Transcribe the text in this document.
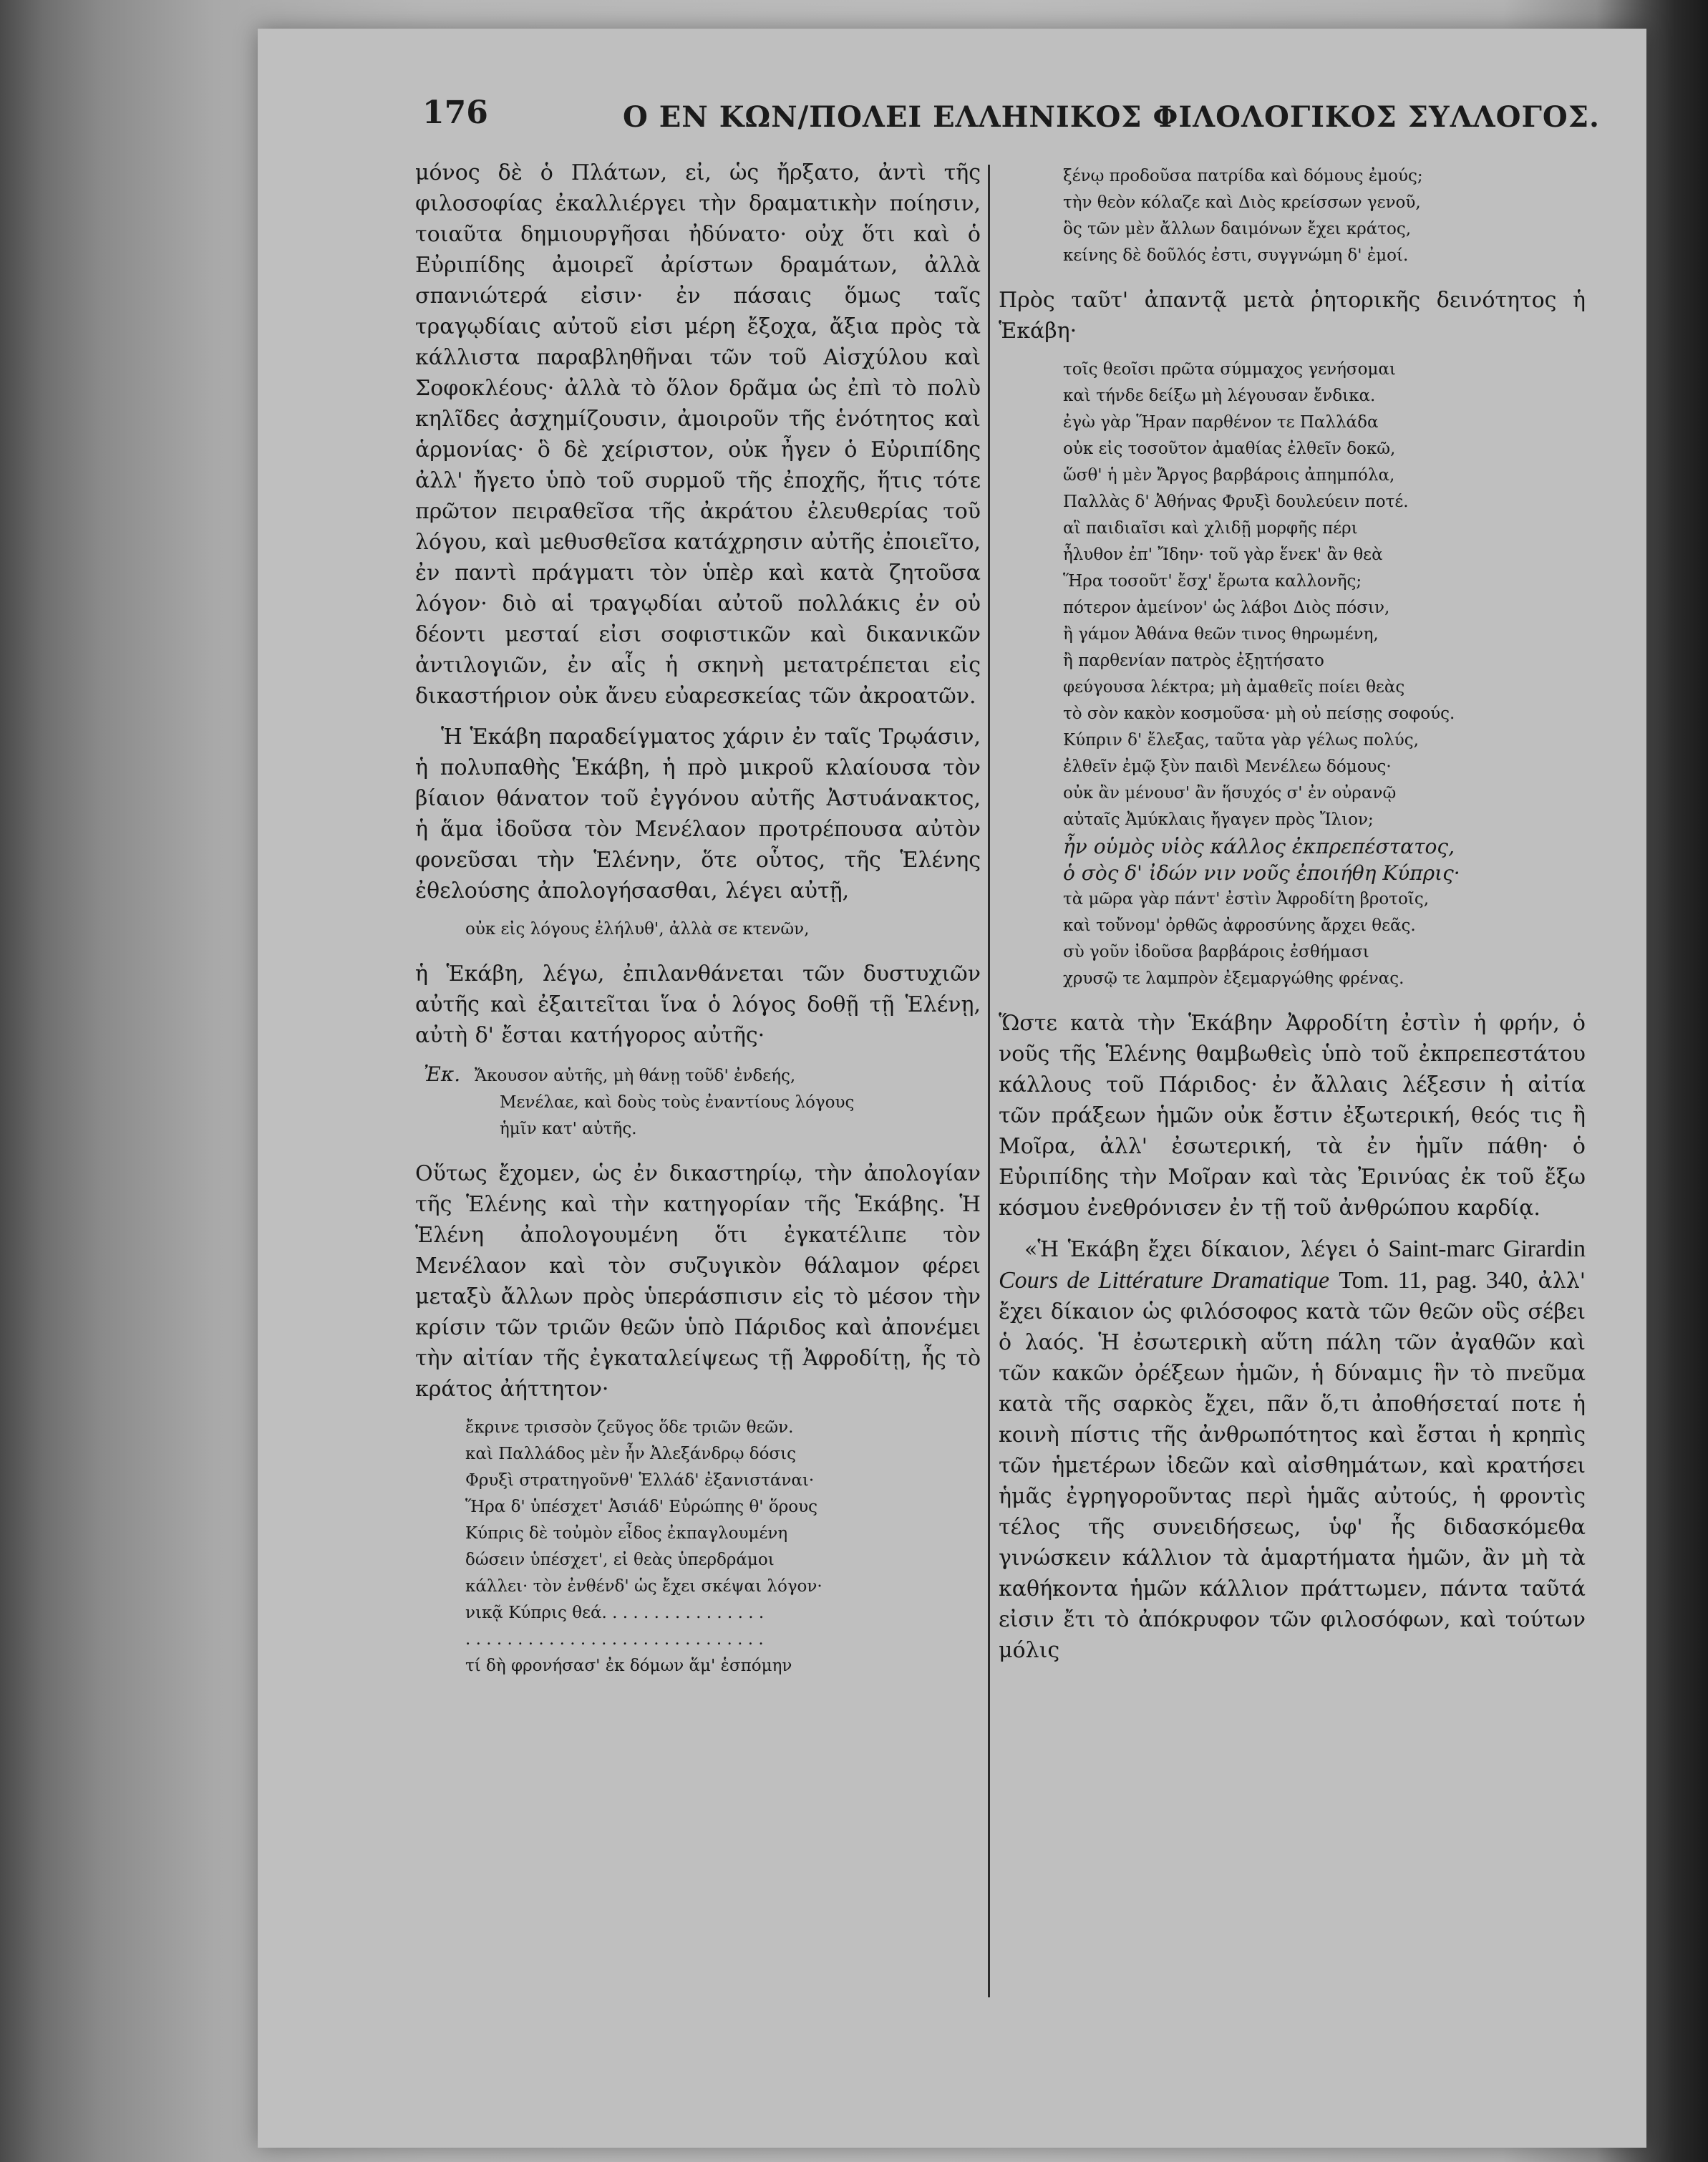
176	Ο ΕΝ ΚΩΝ/ΠΟΛΕΙ ΕΛΛΗΝΙΚΟΣ ΦΙΛΟΛΟΓΙΚΟΣ ΣΥΛΛΟΓΟΣ.

μόνος δὲ ὁ Πλάτων, εἰ, ὡς ἤρξατο, ἀντὶ τῆς φιλοσοφίας ἐκαλλιέργει τὴν δραματικὴν ποίησιν, τοιαῦτα δημιουργῆσαι ἠδύνατο· οὐχ ὅτι καὶ ὁ Εὐριπίδης ἀμοιρεῖ ἀρίστων δραμάτων, ἀλλὰ σπανιώτερά εἰσιν· ἐν πάσαις ὅμως ταῖς τραγῳδίαις αὐτοῦ εἰσι μέρη ἔξοχα, ἄξια πρὸς τὰ κάλλιστα παραβληθῆναι τῶν τοῦ Αἰσχύλου καὶ Σοφοκλέους· ἀλλὰ τὸ ὅλον δρᾶμα ὡς ἐπὶ τὸ πολὺ κηλῖδες ἀσχημίζουσιν, ἀμοιροῦν τῆς ἑνότητος καὶ ἁρμονίας· ὃ δὲ χείριστον, οὐκ ἦγεν ὁ Εὐριπίδης ἀλλ' ἤγετο ὑπὸ τοῦ συρμοῦ τῆς ἐποχῆς, ἥτις τότε πρῶτον πειραθεῖσα τῆς ἀκράτου ἐλευθερίας τοῦ λόγου, καὶ μεθυσθεῖσα κατάχρησιν αὐτῆς ἐποιεῖτο, ἐν παντὶ πράγματι τὸν ὑπὲρ καὶ κατὰ ζητοῦσα λόγον· διὸ αἱ τραγῳδίαι αὐτοῦ πολλάκις ἐν οὐ δέοντι μεσταί εἰσι σοφιστικῶν καὶ δικανικῶν ἀντιλογιῶν, ἐν αἷς ἡ σκηνὴ μετατρέπεται εἰς δικαστήριον οὐκ ἄνευ εὐαρεσκείας τῶν ἀκροατῶν.

Ἡ Ἑκάβη παραδείγματος χάριν ἐν ταῖς Τρῳάσιν, ἡ πολυπαθὴς Ἑκάβη, ἡ πρὸ μικροῦ κλαίουσα τὸν βίαιον θάνατον τοῦ ἐγγόνου αὐτῆς Ἀστυάνακτος, ἡ ἅμα ἰδοῦσα τὸν Μενέλαον προτρέπουσα αὐτὸν φονεῦσαι τὴν Ἑλένην, ὅτε οὗτος, τῆς Ἑλένης ἐθελούσης ἀπολογήσασθαι, λέγει αὐτῇ,

οὐκ εἰς λόγους ἐλήλυθ', ἀλλὰ σε κτενῶν,

ἡ Ἑκάβη, λέγω, ἐπιλανθάνεται τῶν δυστυχιῶν αὐτῆς καὶ ἐξαιτεῖται ἵνα ὁ λόγος δοθῇ τῇ Ἑλένῃ, αὐτὴ δ' ἔσται κατήγορος αὐτῆς·

Ἐκ. Ἄκουσον αὐτῆς, μὴ θάνῃ τοῦδ' ἐνδεής,

Μενέλαε, καὶ δοὺς τοὺς ἐναντίους λόγους

ἡμῖν κατ' αὐτῆς.

Οὕτως ἔχομεν, ὡς ἐν δικαστηρίῳ, τὴν ἀπολογίαν τῆς Ἑλένης καὶ τὴν κατηγορίαν τῆς Ἑκάβης. Ἡ Ἑλένη ἀπολογουμένη ὅτι ἐγκατέλιπε τὸν Μενέλαον καὶ τὸν συζυγικὸν θάλαμον φέρει μεταξὺ ἄλλων πρὸς ὑπεράσπισιν εἰς τὸ μέσον τὴν κρίσιν τῶν τριῶν θεῶν ὑπὸ Πάριδος καὶ ἀπονέμει τὴν αἰτίαν τῆς ἐγκαταλείψεως τῇ Ἀφροδίτῃ, ἧς τὸ κράτος ἀήττητον·

ἔκρινε τρισσὸν ζεῦγος ὅδε τριῶν θεῶν.

καὶ Παλλάδος μὲν ἦν Ἀλεξάνδρῳ δόσις

Φρυξὶ στρατηγοῦνθ' Ἑλλάδ' ἐξανιστάναι·

Ἥρα δ' ὑπέσχετ' Ἀσιάδ' Εὐρώπης θ' ὅρους

Κύπρις δὲ τοὐμὸν εἶδος ἐκπαγλουμένη

δώσειν ὑπέσχετ', εἰ θεὰς ὑπερδράμοι

κάλλει· τὸν ἐνθένδ' ὡς ἔχει σκέψαι λόγον·

νικᾷ Κύπρις θεά. . . . . . . . . . . . . . . .

. . . . . . . . . . . . . . . . . . . . . . . . . . . . .

τί δὴ φρονήσασ' ἐκ δόμων ἅμ' ἑσπόμην

ξένῳ προδοῦσα πατρίδα καὶ δόμους ἐμούς;

τὴν θεὸν κόλαζε καὶ Διὸς κρείσσων γενοῦ,

ὃς τῶν μὲν ἄλλων δαιμόνων ἔχει κράτος,

κείνης δὲ δοῦλός ἐστι, συγγνώμη δ' ἐμοί.

Πρὸς ταῦτ' ἀπαντᾷ μετὰ ῥητορικῆς δεινότητος ἡ Ἑκάβη·

τοῖς θεοῖσι πρῶτα σύμμαχος γενήσομαι

καὶ τήνδε δείξω μὴ λέγουσαν ἔνδικα.

ἐγὼ γὰρ Ἥραν παρθένον τε Παλλάδα

οὐκ εἰς τοσοῦτον ἀμαθίας ἐλθεῖν δοκῶ,

ὥσθ' ἡ μὲν Ἄργος βαρβάροις ἀπημπόλα,

Παλλὰς δ' Ἀθήνας Φρυξὶ δουλεύειν ποτέ.

αἳ παιδιαῖσι καὶ χλιδῇ μορφῆς πέρι

ἦλυθον ἐπ' Ἴδην· τοῦ γὰρ ἕνεκ' ἂν θεὰ

Ἥρα τοσοῦτ' ἔσχ' ἔρωτα καλλονῆς;

πότερον ἀμείνον' ὡς λάβοι Διὸς πόσιν,

ἢ γάμον Ἀθάνα θεῶν τινος θηρωμένη,

ἢ παρθενίαν πατρὸς ἐξῃτήσατο

φεύγουσα λέκτρα; μὴ ἀμαθεῖς ποίει θεὰς

τὸ σὸν κακὸν κοσμοῦσα· μὴ οὐ πείσῃς σοφούς.

Κύπριν δ' ἔλεξας, ταῦτα γὰρ γέλως πολύς,

ἐλθεῖν ἐμῷ ξὺν παιδὶ Μενέλεω δόμους·

οὐκ ἂν μένουσ' ἂν ἥσυχός σ' ἐν οὐρανῷ

αὐταῖς Ἀμύκλαις ἤγαγεν πρὸς Ἴλιον;

ἦν οὑμὸς υἱὸς κάλλος ἐκπρεπέστατος,

ὁ σὸς δ' ἰδών νιν νοῦς ἐποιήθη Κύπρις·

τὰ μῶρα γὰρ πάντ' ἐστὶν Ἀφροδίτη βροτοῖς,

καὶ τοὔνομ' ὀρθῶς ἀφροσύνης ἄρχει θεᾶς.

σὺ γοῦν ἰδοῦσα βαρβάροις ἐσθήμασι

χρυσῷ τε λαμπρὸν ἐξεμαργώθης φρένας.

Ὥστε κατὰ τὴν Ἑκάβην Ἀφροδίτη ἐστὶν ἡ φρήν, ὁ νοῦς τῆς Ἑλένης θαμβωθεὶς ὑπὸ τοῦ ἐκπρεπεστάτου κάλλους τοῦ Πάριδος· ἐν ἄλλαις λέξεσιν ἡ αἰτία τῶν πράξεων ἡμῶν οὐκ ἔστιν ἐξωτερική, θεός τις ἢ Μοῖρα, ἀλλ' ἐσωτερική, τὰ ἐν ἡμῖν πάθη· ὁ Εὐριπίδης τὴν Μοῖραν καὶ τὰς Ἐρινύας ἐκ τοῦ ἔξω κόσμου ἐνεθρόνισεν ἐν τῇ τοῦ ἀνθρώπου καρδίᾳ.

«Ἡ Ἑκάβη ἔχει δίκαιον, λέγει ὁ Saint-marc Girardin Cours de Littérature Dramatique Tom. 11, pag. 340, ἀλλ' ἔχει δίκαιον ὡς φιλόσοφος κατὰ τῶν θεῶν οὓς σέβει ὁ λαός. Ἡ ἐσωτερικὴ αὕτη πάλη τῶν ἀγαθῶν καὶ τῶν κακῶν ὀρέξεων ἡμῶν, ἡ δύναμις ἣν τὸ πνεῦμα κατὰ τῆς σαρκὸς ἔχει, πᾶν ὅ,τι ἀποθήσεταί ποτε ἡ κοινὴ πίστις τῆς ἀνθρωπότητος καὶ ἔσται ἡ κρηπὶς τῶν ἡμετέρων ἰδεῶν καὶ αἰσθημάτων, καὶ κρατήσει ἡμᾶς ἐγρηγοροῦντας περὶ ἡμᾶς αὐτούς, ἡ φροντὶς τέλος τῆς συνειδήσεως, ὑφ' ἧς διδασκόμεθα γινώσκειν κάλλιον τὰ ἁμαρτήματα ἡμῶν, ἂν μὴ τὰ καθήκοντα ἡμῶν κάλλιον πράττωμεν, πάντα ταῦτά εἰσιν ἔτι τὸ ἀπόκρυφον τῶν φιλοσόφων, καὶ τούτων μόλις
